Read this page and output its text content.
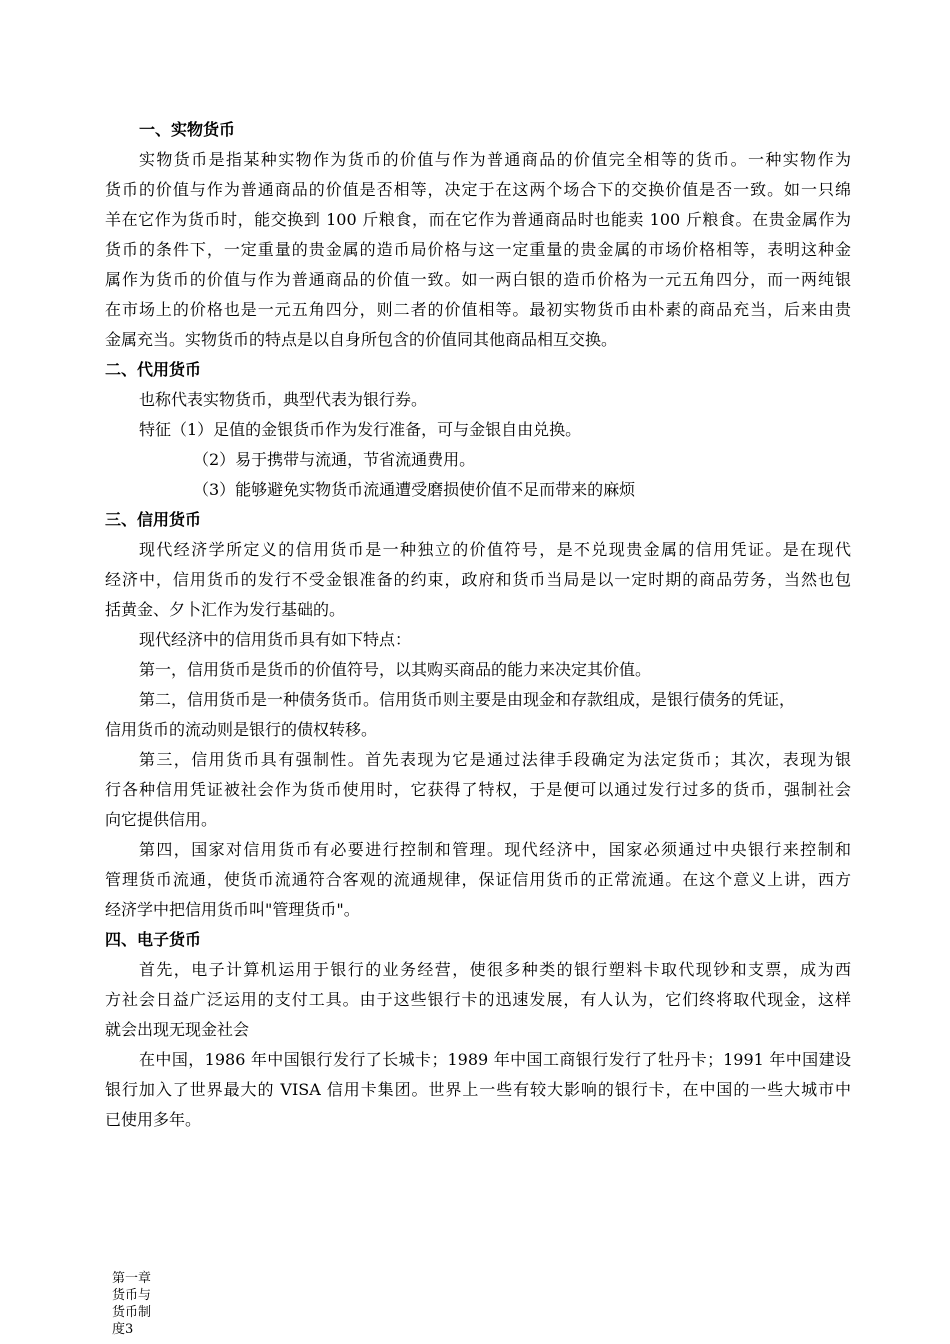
一、实物货币
实物货币是指某种实物作为货币的价值与作为普通商品的价值完全相等的货币。一种实物作为
货币的价值与作为普通商品的价值是否相等，决定于在这两个场合下的交换价值是否一致。如一只绵
羊在它作为货币时，能交换到 100 斤粮食，而在它作为普通商品时也能卖 100 斤粮食。在贵金属作为
货币的条件下，一定重量的贵金属的造币局价格与这一定重量的贵金属的市场价格相等，表明这种金
属作为货币的价值与作为普通商品的价值一致。如一两白银的造币价格为一元五角四分，而一两纯银
在市场上的价格也是一元五角四分，则二者的价值相等。最初实物货币由朴素的商品充当，后来由贵
金属充当。实物货币的特点是以自身所包含的价值同其他商品相互交换。
二、代用货币
也称代表实物货币，典型代表为银行券。
特征（1）足值的金银货币作为发行准备，可与金银自由兑换。
（2）易于携带与流通，节省流通费用。
（3）能够避免实物货币流通遭受磨损使价值不足而带来的麻烦
三、信用货币
现代经济学所定义的信用货币是一种独立的价值符号，是不兑现贵金属的信用凭证。是在现代
经济中，信用货币的发行不受金银准备的约束，政府和货币当局是以一定时期的商品劳务，当然也包
括黄金、夕卜汇作为发行基础的。
现代经济中的信用货币具有如下特点：
第一，信用货币是货币的价值符号，以其购买商品的能力来决定其价值。
第二，信用货币是一种债务货币。信用货币则主要是由现金和存款组成，是银行债务的凭证，
信用货币的流动则是银行的债权转移。
第三，信用货币具有强制性。首先表现为它是通过法律手段确定为法定货币；其次，表现为银
行各种信用凭证被社会作为货币使用时，它获得了特权，于是便可以通过发行过多的货币，强制社会
向它提供信用。
第四，国家对信用货币有必要进行控制和管理。现代经济中，国家必须通过中央银行来控制和
管理货币流通，使货币流通符合客观的流通规律，保证信用货币的正常流通。在这个意义上讲，西方
经济学中把信用货币叫"管理货币"。
四、电子货币
首先，电子计算机运用于银行的业务经营，使很多种类的银行塑料卡取代现钞和支票，成为西
方社会日益广泛运用的支付工具。由于这些银行卡的迅速发展，有人认为，它们终将取代现金，这样
就会出现无现金社会
在中国，1986 年中国银行发行了长城卡；1989 年中国工商银行发行了牡丹卡；1991 年中国建设
银行加入了世界最大的 VISA 信用卡集团。世界上一些有较大影响的银行卡，在中国的一些大城市中
已使用多年。
第一章货币与货币制度3
